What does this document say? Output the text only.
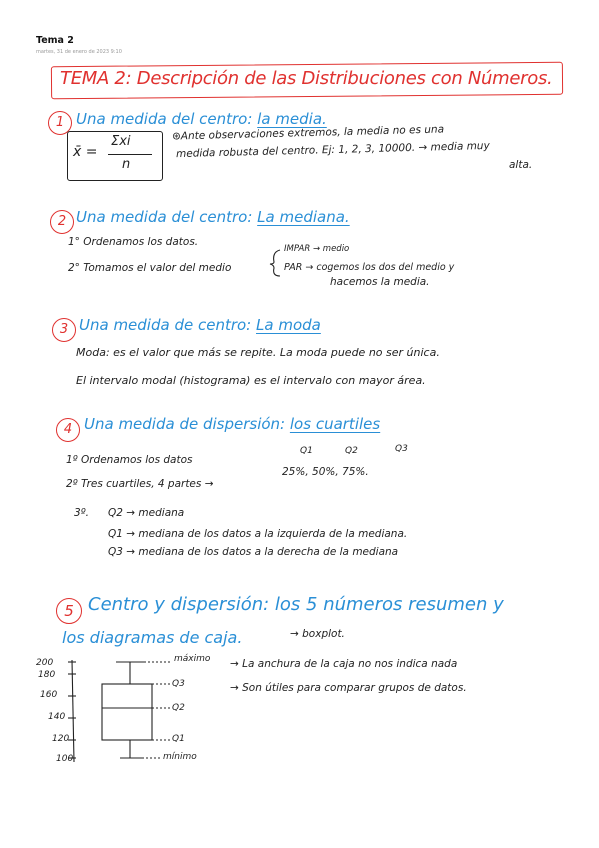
Tema 2
martes, 31 de enero de 2023 9:10
TEMA 2: Descripción de las Distribuciones con Números.
1 Una medida del centro: la media.
x̄ =
Σxi
n
⊛Ante observaciones extremos, la media no es una
medida robusta del centro. Ej: 1, 2, 3, 10000. → media muy
alta.
2 Una medida del centro: La mediana.
1° Ordenamos los datos.
2° Tomamos el valor del medio
IMPAR → medio
PAR → cogemos los dos del medio y
hacemos la media.
3 Una medida de centro: La moda
Moda: es el valor que más se repite. La moda puede no ser única.
El intervalo modal (histograma) es el intervalo con mayor área.
4 Una medida de dispersión: los cuartiles
Q1	Q2	Q3
1º Ordenamos los datos
2º Tres cuartiles, 4 partes →
25%, 50%, 75%.
3º. Q2 → mediana
Q1 → mediana de los datos a la izquierda de la mediana.
Q3 → mediana de los datos a la derecha de la mediana
5 Centro y dispersión: los 5 números resumen y
los diagramas de caja.	→ boxplot.
200
180
160
140
120
100
máximo
Q3
Q2
Q1
mínimo
→ La anchura de la caja no nos indica nada
→ Son útiles para comparar grupos de datos.
